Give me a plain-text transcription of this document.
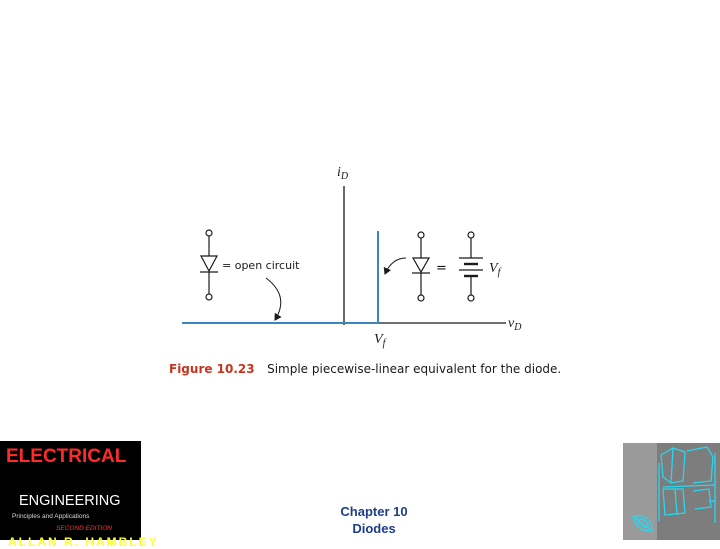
$i_D$
$v_D$
$V_f$
= open circuit	=	$V_f$
Figure 10.23 Simple piecewise-linear equivalent for the diode.
ELECTRICAL
ENGINEERING
Principles and Applications
SECOND EDITION
ALLAN R. HAMBLEY
Chapter 10
Diodes
